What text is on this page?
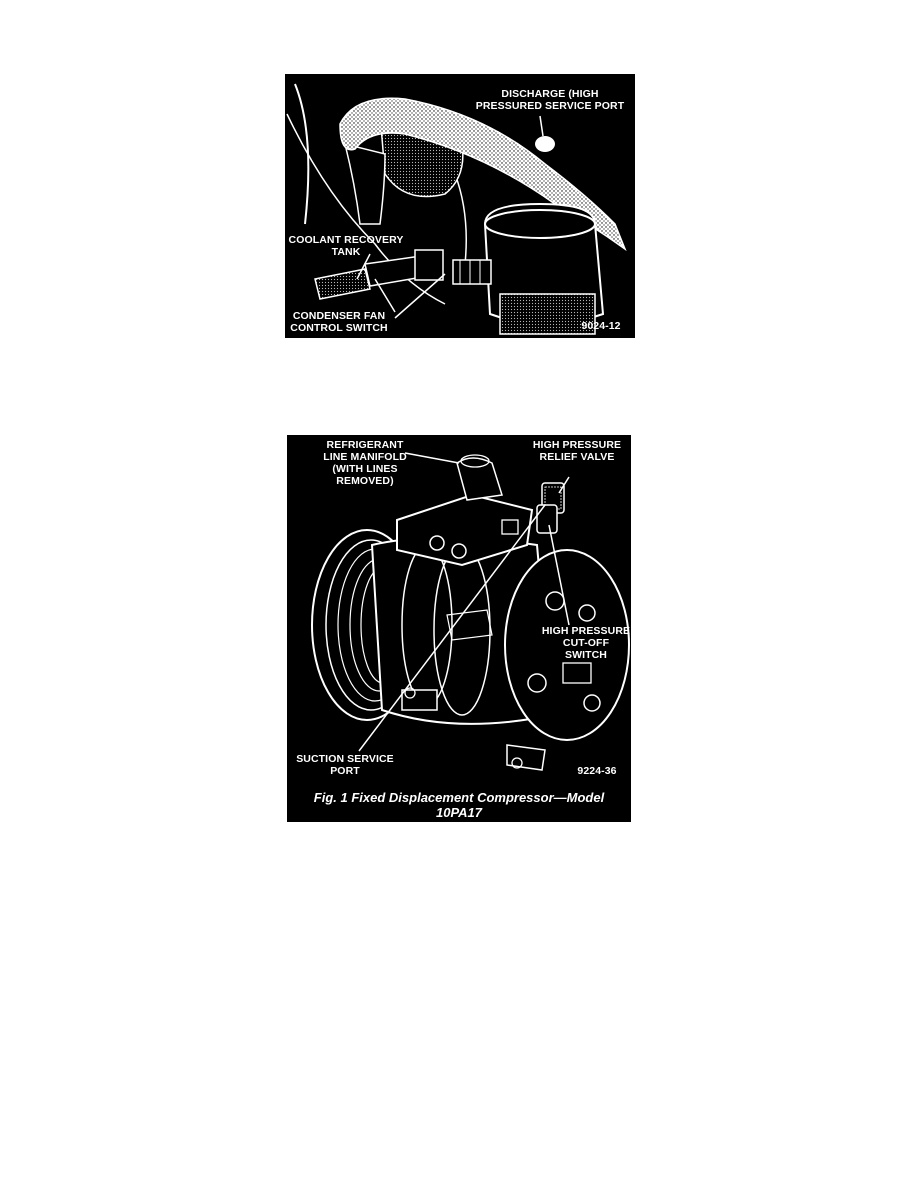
DISCHARGE (HIGH
PRESSURED SERVICE PORT
COOLANT RECOVERY
TANK
CONDENSER FAN
CONTROL SWITCH	9024-12
REFRIGERANT
LINE MANIFOLD
(WITH LINES REMOVED)
HIGH PRESSURE
RELIEF VALVE
HIGH PRESSURE
CUT-OFF
SWITCH
SUCTION SERVICE
PORT	9224-36
Fig. 1 Fixed Displacement Compressor—Model
10PA17
